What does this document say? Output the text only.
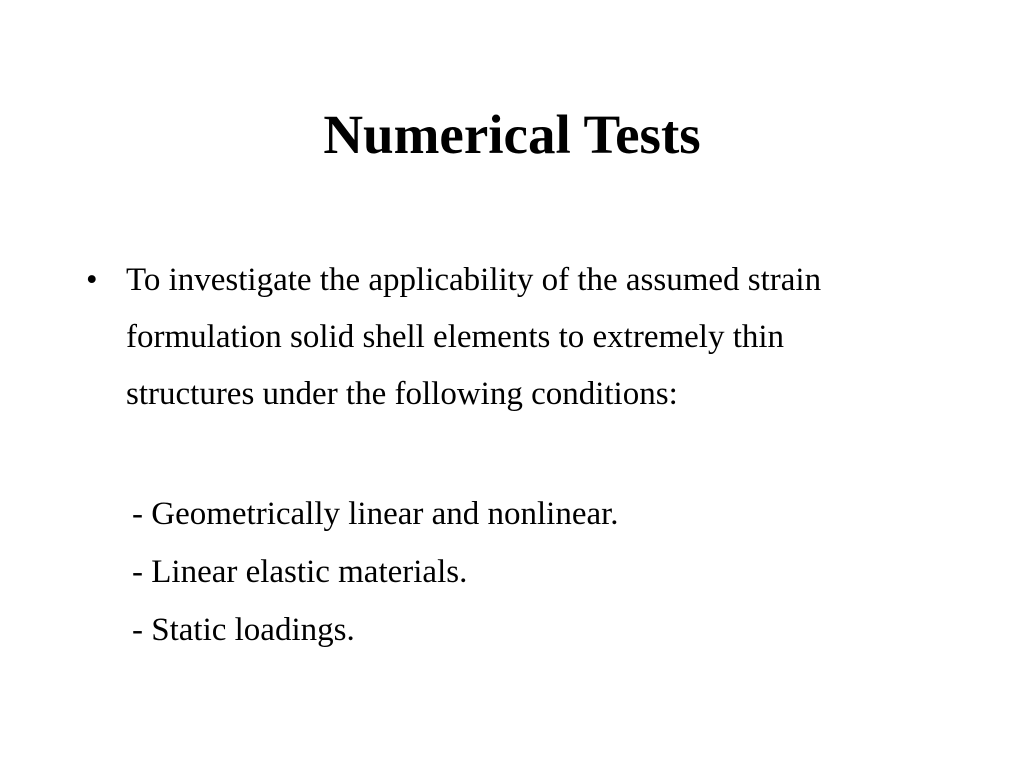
Numerical Tests
• To investigate the applicability of the assumed strain formulation solid shell elements to extremely thin structures under the following conditions:
- Geometrically linear and nonlinear.
- Linear elastic materials.
- Static loadings.
